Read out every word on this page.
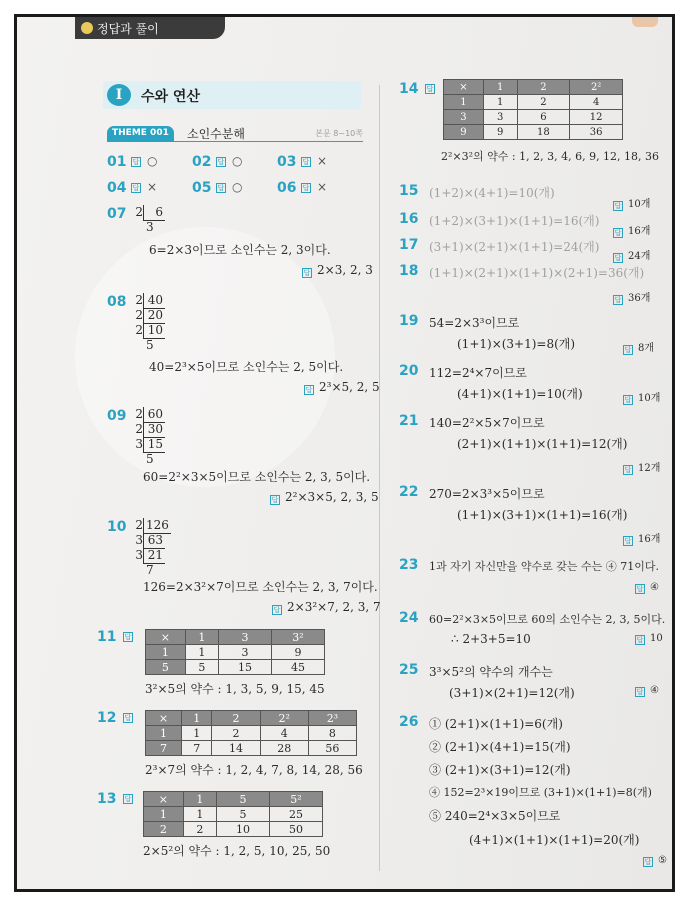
정답과 풀이
I	수와 연산
THEME 001	소인수분해	본문 8~10쪽
01 답 ○ 02 답 ○ 03 답 ×
04 답 × 05 답 ○ 06 답 ×
07 2 6
3
6=2×3이므로 소인수는 2, 3이다.
답 2×3, 2, 3
08 2 40
2 20
2 10
5
40=2³×5이므로 소인수는 2, 5이다.
답 2³×5, 2, 5
09 2 60
2 30
3 15
5
60=2²×3×5이므로 소인수는 2, 3, 5이다.
답 2²×3×5, 2, 3, 5
10 2 126
3 63
3 21
7
126=2×3²×7이므로 소인수는 2, 3, 7이다.
답 2×3²×7, 2, 3, 7
11 답	×	1	3	3²
1	1	3	9
5	5	15	45
3²×5의 약수 : 1, 3, 5, 9, 15, 45
12 답	×	1	2	2²	2³
1	1	2	4	8
7	7	14	28	56
2³×7의 약수 : 1, 2, 4, 7, 8, 14, 28, 56
13 답 ×	1	5	5²
1	1	5	25
2	2	10	50
2×5²의 약수 : 1, 2, 5, 10, 25, 50
14 답	×	1	2	2²
1	1	2	4
3	3	6	12
9	9	18	36
2²×3²의 약수 : 1, 2, 3, 4, 6, 9, 12, 18, 36
15 (1+2)×(4+1)=10(개)
답 10개
16 (1+2)×(3+1)×(1+1)=16(개)
답 16개
17 (3+1)×(2+1)×(1+1)=24(개)
답 24개
18 (1+1)×(2+1)×(1+1)×(2+1)=36(개)
답 36개
19 54=2×3³이므로
(1+1)×(3+1)=8(개)	답 8개
20 112=2⁴×7이므로
(4+1)×(1+1)=10(개)	답 10개
21 140=2²×5×7이므로
(2+1)×(1+1)×(1+1)=12(개)
답 12개
22 270=2×3³×5이므로
(1+1)×(3+1)×(1+1)=16(개)
답 16개
23 1과 자기 자신만을 약수로 갖는 수는 ④ 71이다.
답 ④
24 60=2²×3×5이므로 60의 소인수는 2, 3, 5이다.
∴ 2+3+5=10	답 10
25 3³×5²의 약수의 개수는
(3+1)×(2+1)=12(개)	답 ④
26 ① (2+1)×(1+1)=6(개)
② (2+1)×(4+1)=15(개)
③ (2+1)×(3+1)=12(개)
④ 152=2³×19이므로 (3+1)×(1+1)=8(개)
⑤ 240=2⁴×3×5이므로
(4+1)×(1+1)×(1+1)=20(개)
답 ⑤
